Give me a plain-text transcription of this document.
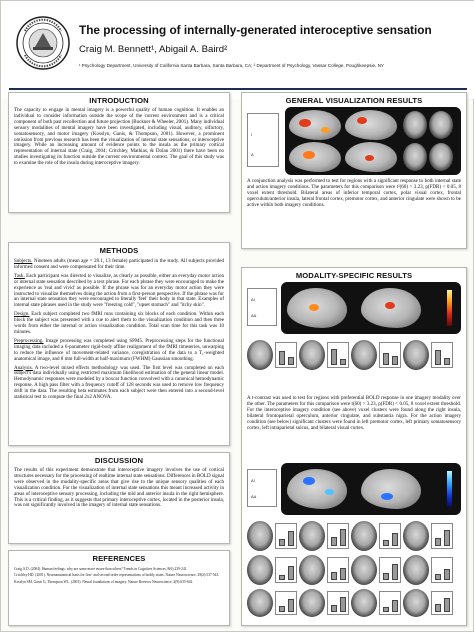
The processing of internally-generated interoceptive sensation
Craig M. Bennett¹, Abigail A. Baird²
¹ Psychology Department, University of California Santa Barbara, Santa Barbara, CA; ² Department of Psychology, Vassar College, Poughkeepsie, NY
INTRODUCTION
The capacity to engage in mental imagery is a powerful quality of human cognition. It enables an individual to consider information outside the scope of the current environment and is a critical component of both past recollection and future projection (Buckner & Wheeler, 2001). Many individual sensory modalities of mental imagery have been investigated, including visual, auditory, olfactory, somatosensory, and motor imagery (Kosslyn, Ganis, & Thompson, 2001). However, a prominent omission from previous research has been the visualization of internal state sensations, or interoceptive imagery. While an increasing amount of evidence points to the insula as the primary cortical representation of internal state (Craig, 2004; Critchley, Mathias, & Dolan 2001) there have been no studies investigating its function outside the current environmental context. The goal of this study was to examine the role of the insula during interoceptive imagery.
METHODS

Subjects. Nineteen adults (mean age = 28.1, 13 female) participated in the study. All subjects provided informed consent and were compensated for their time.

Task. Each participant was directed to visualize, as clearly as possible, either an everyday motor action or internal state sensation described by a text phrase. For each phrase they were encouraged to make the experience as 'real and vivid' as possible. If the phrase was for an everyday motor action they were instructed to visualize themselves doing the action from a first-person perspective. If the phrase was for an internal state sensation they were encouraged to literally 'feel' their body in that state. Examples of internal state phrases used in the study were "freezing cold", "upset stomach" and "itchy skin".

Design. Each subject completed two fMRI runs containing six blocks of each condition. Within each block the subject was presented with a cue to alert them to the visualization condition and then three words from either the internal or action visualization condition. Total scan time for this task was 10 minutes.

Preprocessing. Image processing was completed using SPM5. Preprocessing steps for the functional imaging data included a 6-parameter rigid-body affine realignment of the fMRI timeseries, unwarping to reduce the influence of movement-related variance, coregistration of the data to a T₁-weighted anatomical image, and 8 mm full-width at half-maximum (FWHM) Gaussian smoothing.

Analysis. A two-level mixed effects methodology was used. The first level was completed on each subject's data individually using restricted maximum likelihood estimation of the general linear model. Hemodynamic responses were modeled by a boxcar function convolved with a canonical hemodynamic response. A high pass filter with a frequency cutoff of 128 seconds was used to remove low frequency drift in the data. The resulting beta estimates from each subject were then entered into a second-level statistical test to compute the final 2x2 ANOVA.

DISCUSSION
The results of this experiment demonstrate that interoceptive imagery involves the use of cortical structures necessary for the processing of realtime internal state sensations. Differences in BOLD signal were observed in the modality-specific areas that give rise to the unique sensory qualities of each visualization condition. For the visualization of internal state sensations this meant increased activity in areas of interoceptive sensory processing, including the mid and anterior insula in the right hemisphere. This is a critical finding, as it suggests that primary interoceptive cortex, located in the posterior insula, was not significantly involved in the imagery of internal state sensations.
REFERENCES
Craig A.D. (2004). Human feelings: why are some more aware than others? Trends in Cognitive Sciences, 8(6):239-241.
Critchley HD. (2001). Neuroanatomical basis for first- and second-order representations of bodily states. Nature Neuroscience, 29(2):537-543.
Kosslyn SM, Ganis G, Thompson WL. (2001). Neural foundations of imagery. Nature Reviews Neuroscience, 2(9):635-642.
GENERAL VISUALIZATION RESULTS
I
A
A conjunction analysis was performed to test for regions with a significant response to both internal state and action imagery conditions. The parameters for this comparison were t²(60) > 3.23, p(FDR) < 0.05, 8 voxel extent threshold. Bilateral areas of inferior temporal cortex, polar visual cortex, frontal operculum/anterior insula, lateral frontal cortex, premotor cortex, and anterior cingulate were shown to be active within both imagery conditions.
MODALITY-SPECIFIC RESULTS
AI
AA
A t-contrast was used to test for regions with preferential BOLD response in one imagery modality over the other. The parameters for this comparison were t(60) > 3.23, p(FDR) < 0.05, 8 voxel extent threshold. For the interoceptive imagery condition (see above) voxel clusters were found along the right insula, bilateral frontoparietal operculum, anterior cingulate, and substantia nigra. For the action imagery condition (see below) significant clusters were found in left premotor cortex, left primary somatosensory cortex, left intraparietal sulcus, and bilateral visual cortex.
AI
AA
